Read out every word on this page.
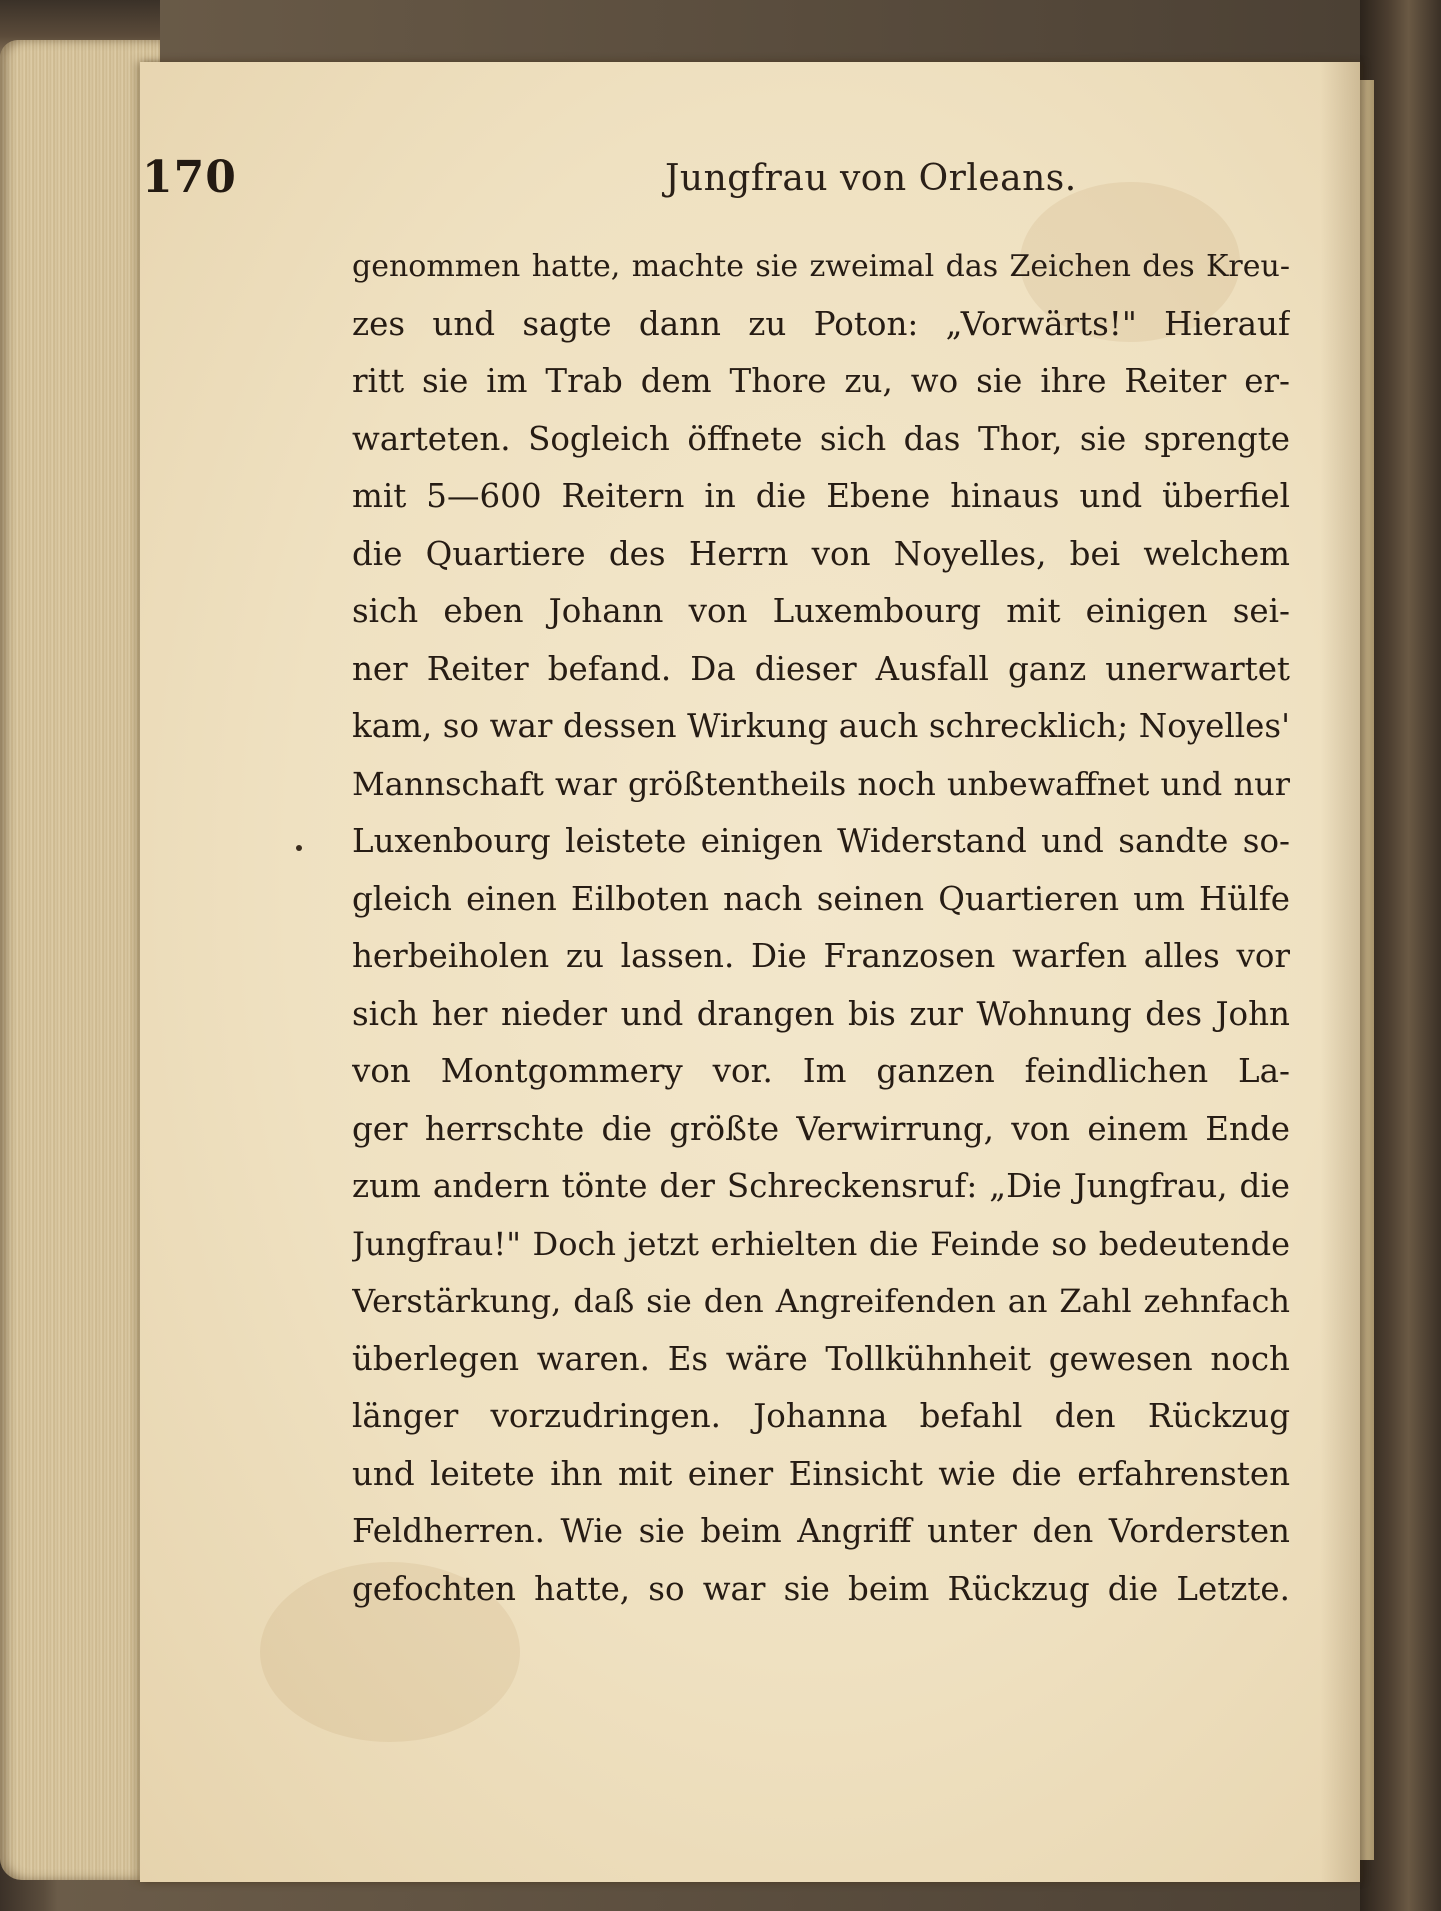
170	Jungfrau von Orleans.
genommen hatte, machte sie zweimal das Zeichen des Kreu-
zes und sagte dann zu Poton: „Vorwärts!" Hierauf
ritt sie im Trab dem Thore zu, wo sie ihre Reiter er-
warteten. Sogleich öffnete sich das Thor, sie sprengte
mit 5—600 Reitern in die Ebene hinaus und überfiel
die Quartiere des Herrn von Noyelles, bei welchem
sich eben Johann von Luxembourg mit einigen sei-
ner Reiter befand. Da dieser Ausfall ganz unerwartet
kam, so war dessen Wirkung auch schrecklich; Noyelles'
Mannschaft war größtentheils noch unbewaffnet und nur
Luxenbourg leistete einigen Widerstand und sandte so-
gleich einen Eilboten nach seinen Quartieren um Hülfe
herbeiholen zu lassen. Die Franzosen warfen alles vor
sich her nieder und drangen bis zur Wohnung des John
von Montgommery vor. Im ganzen feindlichen La-
ger herrschte die größte Verwirrung, von einem Ende
zum andern tönte der Schreckensruf: „Die Jungfrau, die
Jungfrau!" Doch jetzt erhielten die Feinde so bedeutende
Verstärkung, daß sie den Angreifenden an Zahl zehnfach
überlegen waren. Es wäre Tollkühnheit gewesen noch
länger vorzudringen. Johanna befahl den Rückzug
und leitete ihn mit einer Einsicht wie die erfahrensten
Feldherren. Wie sie beim Angriff unter den Vordersten
gefochten hatte, so war sie beim Rückzug die Letzte.
